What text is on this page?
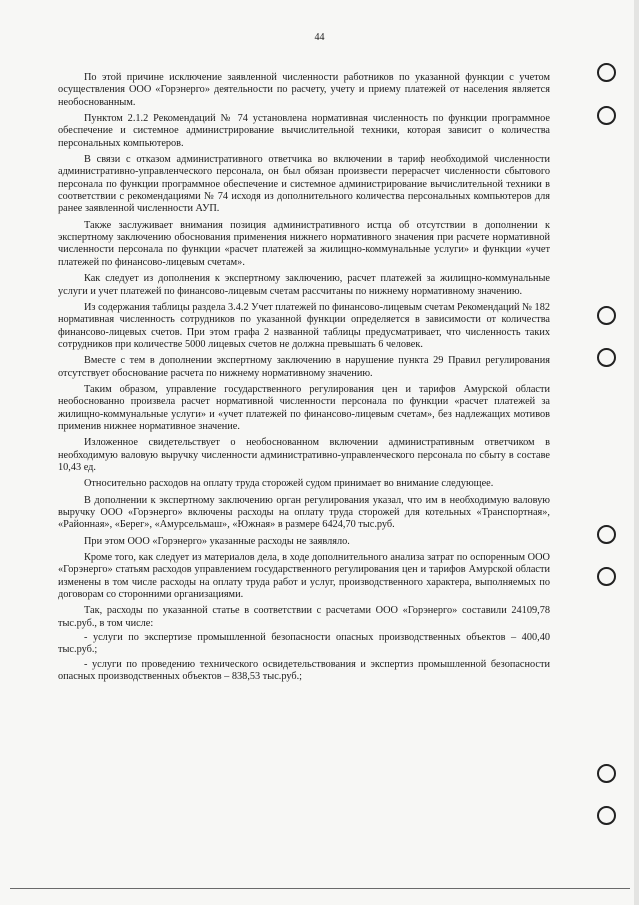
44

По этой причине исключение заявленной численности работников по указанной функции с учетом осуществления ООО «Горэнерго» деятельности по расчету, учету и приему платежей от населения является необоснованным.

Пунктом 2.1.2 Рекомендаций № 74 установлена нормативная численность по функции программное обеспечение и системное администрирование вычислительной техники, которая зависит о количества персональных компьютеров.

В связи с отказом административного ответчика во включении в тариф необходимой численности административно-управленческого персонала, он был обязан произвести перерасчет численности сбытового персонала по функции программное обеспечение и системное администрирование вычислительной техники в соответствии с рекомендациями № 74 исходя из дополнительного количества персональных компьютеров для ранее заявленной численности АУП.

Также заслуживает внимания позиция административного истца об отсутствии в дополнении к экспертному заключению обоснования применения нижнего нормативного значения при расчете нормативной численности персонала по функции «расчет платежей за жилищно-коммунальные услуги» и функции «учет платежей по финансово-лицевым счетам».

Как следует из дополнения к экспертному заключению, расчет платежей за жилищно-коммунальные услуги и учет платежей по финансово-лицевым счетам рассчитаны по нижнему нормативному значению.

Из содержания таблицы раздела 3.4.2 Учет платежей по финансово-лицевым счетам Рекомендаций № 182 нормативная численность сотрудников по указанной функции определяется в зависимости от количества финансово-лицевых счетов. При этом графа 2 названной таблицы предусматривает, что численность таких сотрудников при количестве 5000 лицевых счетов не должна превышать 6 человек.

Вместе с тем в дополнении экспертному заключению в нарушение пункта 29 Правил регулирования отсутствует обоснование расчета по нижнему нормативному значению.

Таким образом, управление государственного регулирования цен и тарифов Амурской области необоснованно произвела расчет нормативной численности персонала по функции «расчет платежей за жилищно-коммунальные услуги» и «учет платежей по финансово-лицевым счетам», без надлежащих мотивов применив нижнее нормативное значение.

Изложенное свидетельствует о необоснованном включении административным ответчиком в необходимую валовую выручку численности административно-управленческого персонала по сбыту в составе 10,43 ед.

Относительно расходов на оплату труда сторожей судом принимает во внимание следующее.

В дополнении к экспертному заключению орган регулирования указал, что им в необходимую валовую выручку ООО «Горэнерго» включены расходы на оплату труда сторожей для котельных «Транспортная», «Районная», «Берег», «Амурсельмаш», «Южная» в размере 6424,70 тыс.руб.

При этом ООО «Горэнерго» указанные расходы не заявляло.

Кроме того, как следует из материалов дела, в ходе дополнительного анализа затрат по оспоренным ООО «Горэнерго» статьям расходов управлением государственного регулирования цен и тарифов Амурской области изменены в том числе расходы на оплату труда работ и услуг, производственного характера, выполняемых по договорам со сторонними организациями.

Так, расходы по указанной статье в соответствии с расчетами ООО «Горэнерго» составили 24109,78 тыс.руб., в том числе:

- услуги по экспертизе промышленной безопасности опасных производственных объектов – 400,40 тыс.руб.;

- услуги по проведению технического освидетельствования и экспертиз промышленной безопасности опасных производственных объектов – 838,53 тыс.руб.;
